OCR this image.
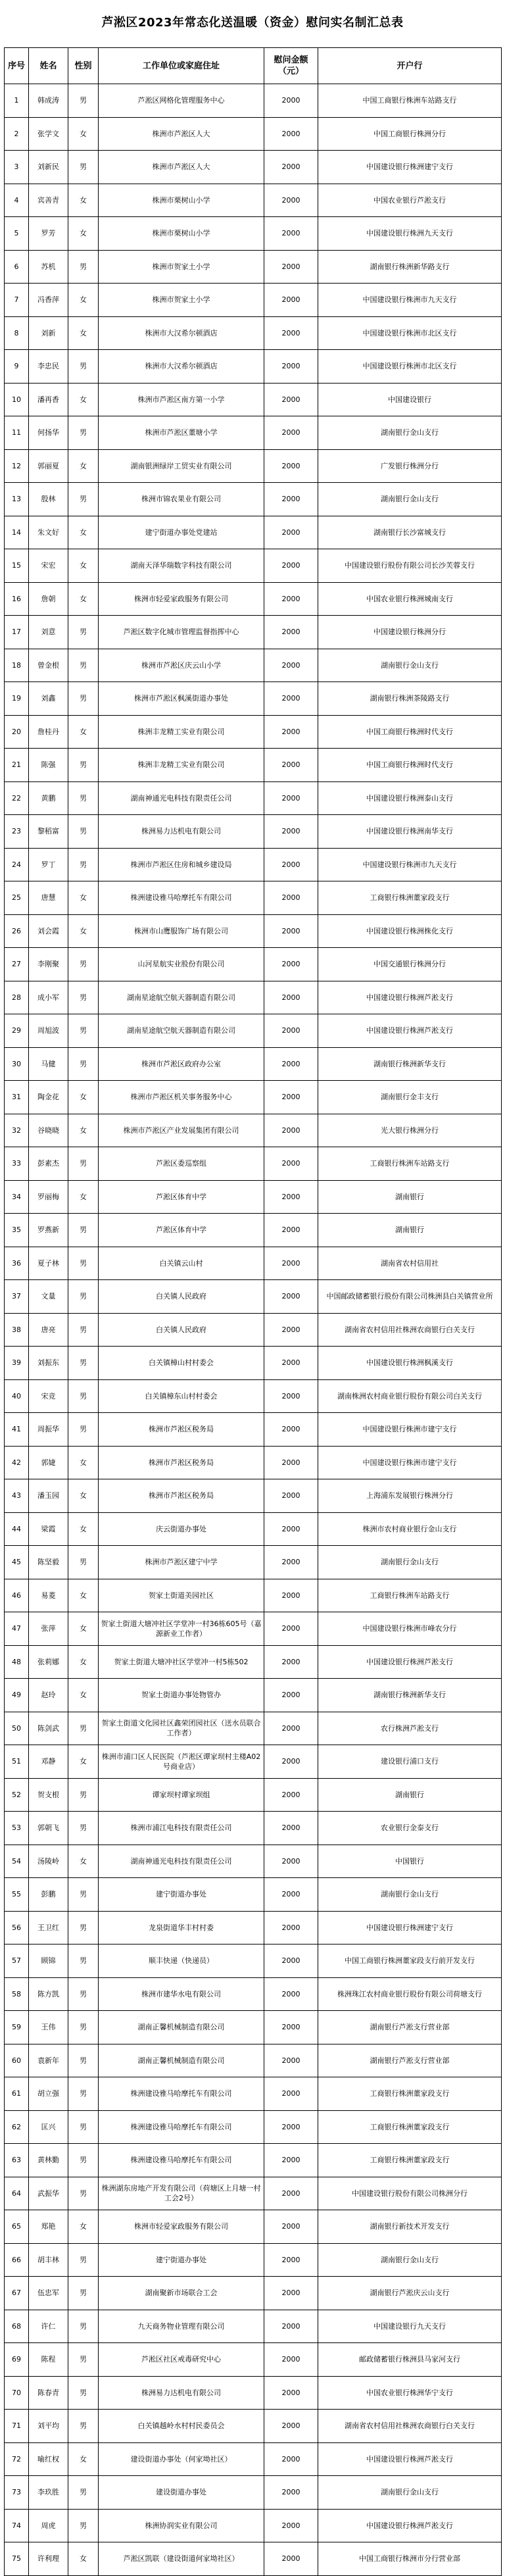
芦淞区2023年常态化送温暖（资金）慰问实名制汇总表
序号	姓名	性别	工作单位或家庭住址	慰问金额（元）	开户行
1	韩成涛	男	芦淞区网格化管理服务中心	2000	中国工商银行株洲车站路支行
2	张学文	女	株洲市芦淞区人大	2000	中国工商银行株洲分行
3	刘新民	男	株洲市芦淞区人大	2000	中国建设银行株洲建宁支行
4	宾善青	女	株洲市栗树山小学	2000	中国农业银行芦淞支行
5	罗芳	女	株洲市栗树山小学	2000	中国建设银行株洲九天支行
6	苏机	男	株洲市贺家土小学	2000	湖南银行株洲新华路支行
7	冯香萍	女	株洲市贺家土小学	2000	中国建设银行株洲市九天支行
8	刘新	女	株洲市大汉希尔顿酒店	2000	中国建设银行株洲市北区支行
9	李忠民	男	株洲市大汉希尔顿酒店	2000	中国建设银行株洲市北区支行
10	潘再香	女	株洲市芦淞区南方第一小学	2000	中国建设银行
11	何扬华	男	株洲市芦淞区董塘小学	2000	湖南银行金山支行
12	郭丽夏	女	湖南银洲绿岸工贸实业有限公司	2000	广发银行株洲分行
13	殷林	男	株洲市锦农果业有限公司	2000	湖南银行金山支行
14	朱文好	女	建宁街道办事处党建站	2000	湖南银行长沙富城支行
15	宋宏	女	湖南天泽华瑞数字科技有限公司	2000	中国建设银行股份有限公司长沙芙蓉支行
16	詹朝	女	株洲市轻爱家政服务有限公司	2000	中国农业银行株洲城南支行
17	刘意	男	芦淞区数字化城市管理监督指挥中心	2000	中国建设银行株洲分行
18	曾金根	男	株洲市芦淞区庆云山小学	2000	湖南银行金山支行
19	刘鑫	男	株洲市芦淞区枫溪街道办事处	2000	湖南银行株洲茶陵路支行
20	詹桂丹	女	株洲丰龙精工实业有限公司	2000	中国工商银行株洲时代支行
21	陈强	男	株洲丰龙精工实业有限公司	2000	中国工商银行株洲时代支行
22	黄鹏	男	湖南神通光电科技有限责任公司	2000	中国建设银行株洲泰山支行
23	黎稻富	男	株洲易力达机电有限公司	2000	中国建设银行株洲南华支行
24	罗丁	男	株洲市芦淞区住房和城乡建设局	2000	中国建设银行株洲市九天支行
25	唐慧	女	株洲建设雅马哈摩托车有限公司	2000	工商银行株洲董家段支行
26	刘会霞	女	株洲市山鹰服饰广场有限公司	2000	中国建设银行株洲株化支行
27	李刚聚	男	山河星航实业股份有限公司	2000	中国交通银行株洲分行
28	成小军	男	湖南星途航空航天器制造有限公司	2000	中国建设银行株洲芦淞支行
29	周旭波	男	湖南星途航空航天器制造有限公司	2000	中国建设银行株洲芦淞支行
30	马健	男	株洲市芦淞区政府办公室	2000	湖南银行株洲新华支行
31	陶金花	女	株洲市芦淞区机关事务服务中心	2000	湖南银行金丰支行
32	谷晓晓	女	株洲市芦淞区产业发展集团有限公司	2000	光大银行株洲分行
33	彭素杰	男	芦淞区委巡察组	2000	工商银行株洲车站路支行
34	罗丽梅	女	芦淞区体育中学	2000	湖南银行
35	罗燕新	男	芦淞区体育中学	2000	湖南银行
36	夏子林	男	白关镇云山村	2000	湖南省农村信用社
37	文量	男	白关镇人民政府	2000	中国邮政储蓄银行股份有限公司株洲县白关镇营业所
38	唐亮	男	白关镇人民政府	2000	湖南省农村信用社株洲农商银行白关支行
39	刘振东	男	白关镇樟山村村委会	2000	中国建设银行株洲枫溪支行
40	宋竞	男	白关镇樟东山村村委会	2000	湖南株洲农村商业银行股份有限公司白关支行
41	周振华	男	株洲市芦淞区税务局	2000	中国建设银行株洲市建宁支行
42	郭婕	女	株洲市芦淞区税务局	2000	中国建设银行株洲市建宁支行
43	潘玉园	女	株洲市芦淞区税务局	2000	上海浦东发展银行株洲分行
44	梁霞	女	庆云街道办事处	2000	株洲市农村商业银行金山支行
45	陈坚毅	男	株洲市芦淞区建宁中学	2000	湖南银行金山支行
46	易菱	女	贺家土街道美园社区	2000	工商银行株洲车站路支行
47	张萍	女	贺家土街道大塘冲社区学堂冲一村36栋605号（嘉源新业工作者）	2000	中国建设银行株洲市峰农分行
48	张莉娜	女	贺家土街道大塘冲社区学堂冲一村5栋502	2000	中国建设银行株洲芦淞支行
49	赵玲	女	贺家土街道办事处物管办	2000	湖南银行株洲新华支行
50	陈剑武	男	贺家土街道文化园社区鑫荣团园社区（送水员联合工作者）	2000	农行株洲芦淞支行
51	邓静	女	株洲市浦口区人民医院（芦淞区谭家坝村主楼A02号商业店）	2000	建设银行浦口支行
52	贺支根	男	谭家坝村谭家坝组	2000	湖南银行
53	郭朝飞	男	株洲市浦江电科技有限责任公司	2000	农业银行金泰支行
54	汤陵岭	女	湖南神通光电科技有限责任公司	2000	中国银行
55	彭鹏	男	建宁街道办事处	2000	湖南银行金山支行
56	王卫红	男	龙泉街道华丰村村委	2000	中国建设银行株洲建宁支行
57	顾锦	男	顺丰快递（快递员）	2000	中国工商银行株洲董家段支行前开发支行
58	陈方凯	男	株洲市建华水电有限公司	2000	株洲珠江农村商业银行股份有限公司荷塘支行
59	王伟	男	湖南正馨机械制造有限公司	2000	湖南银行芦淞支行营业部
60	袁新年	男	湖南正馨机械制造有限公司	2000	湖南银行芦淞支行营业部
61	胡立强	男	株洲建设雅马哈摩托车有限公司	2000	工商银行株洲董家段支行
62	匡兴	男	株洲建设雅马哈摩托车有限公司	2000	工商银行株洲董家段支行
63	黄林勤	男	株洲建设雅马哈摩托车有限公司	2000	工商银行株洲董家段支行
64	武振华	男	株洲湖东房地产开发有限公司（荷塘区上月塘一村工会2号）	2000	中国建设银行股份有限公司株洲分行
65	郑艳	女	株洲市轻爱家政服务有限公司	2000	湖南银行新技术开发支行
66	胡丰林	男	建宁街道办事处	2000	湖南银行金山支行
67	伍忠军	男	湖南聚新市场联合工会	2000	湖南银行芦淞庆云山支行
68	许仁	男	九天商务物业管理有限公司	2000	中国建设银行九天支行
69	陈程	男	芦淞区社区戒毒研究中心	2000	邮政储蓄银行株洲县马家河支行
70	陈春青	男	株洲易力达机电有限公司	2000	中国农业银行株洲华宁支行
71	刘平均	男	白关镇越岭水村村民委员会	2000	湖南省农村信用社株洲农商银行白关支行
72	喻红权	女	建设街道办事处（何家坳社区）	2000	中国建设银行株洲芦淞支行
73	李玖胜	男	建设街道办事处	2000	湖南银行金山支行
74	周虎	男	株洲协润实业有限公司	2000	中国建设银行株洲芦淞支行
75	许利理	女	芦淞区凯联（建设街道何家坳社区）	2000	中国工商银行株洲市分行营业部
